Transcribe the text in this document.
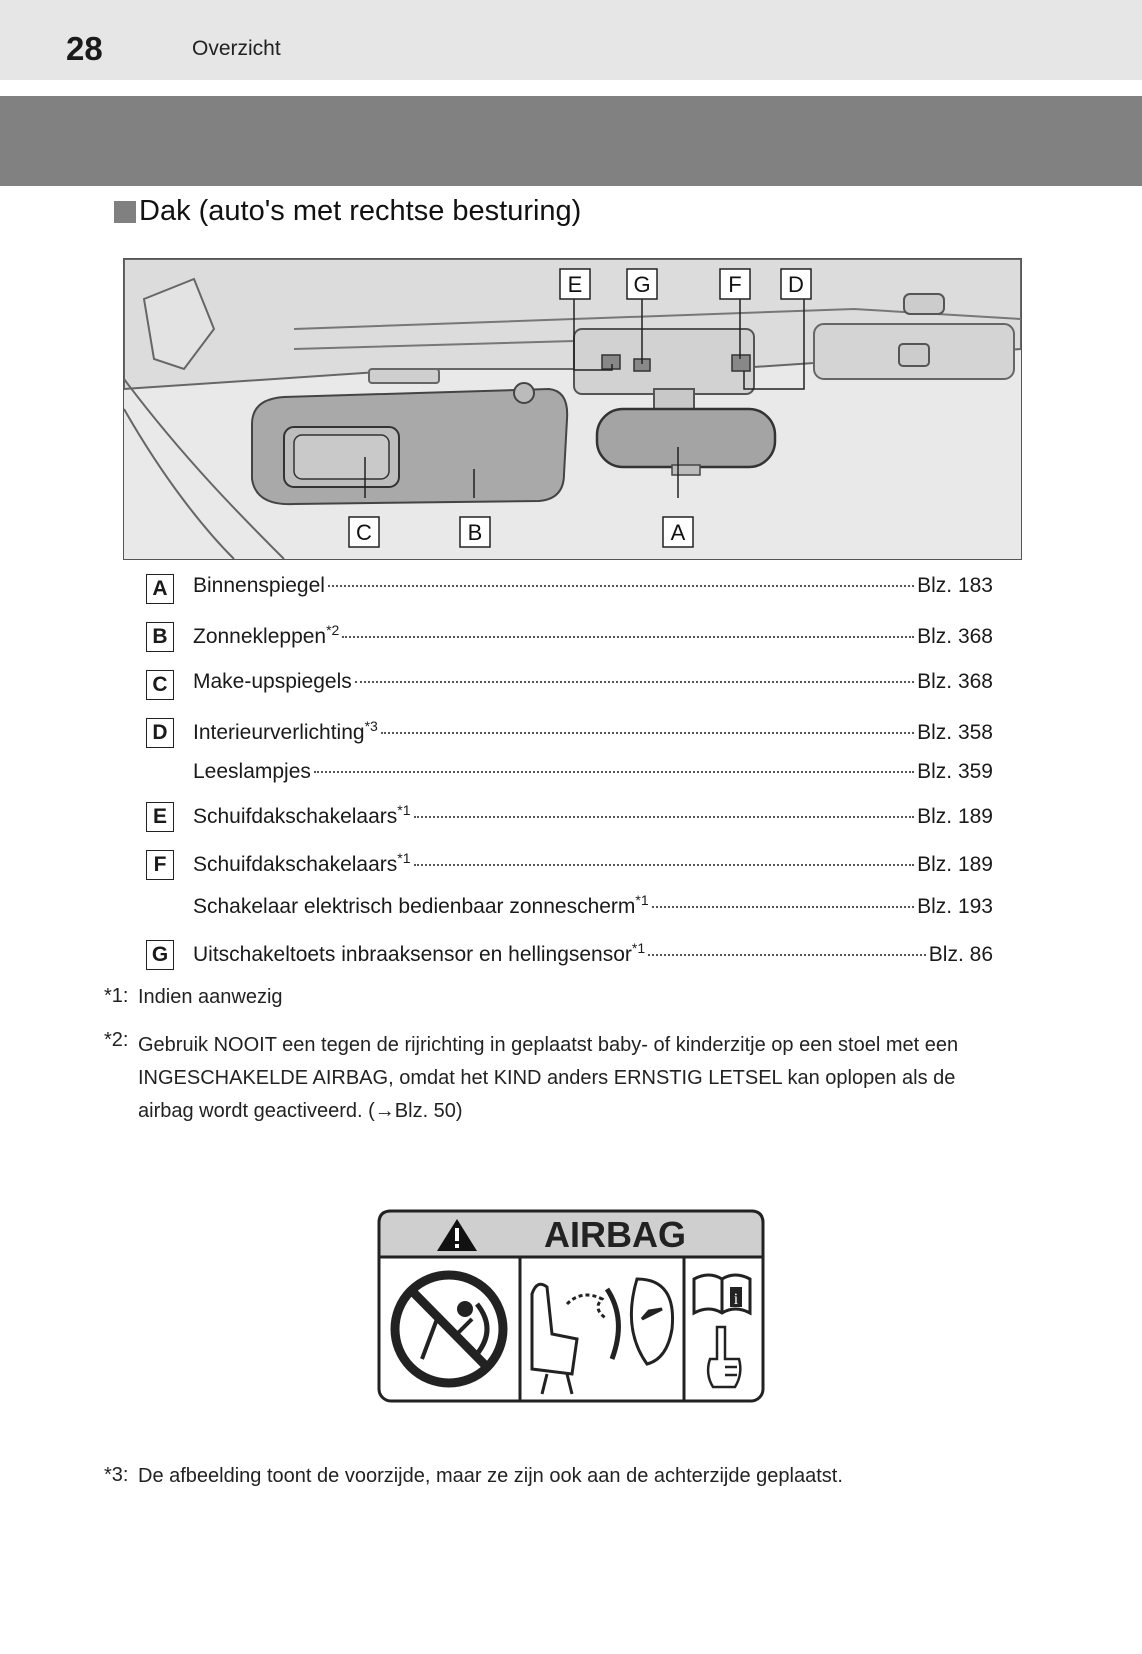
28	Overzicht
Dak (auto's met rechtse besturing)
E G	F D
C	B	A
A	Binnenspiegel	Blz. 183
B	Zonnekleppen$^{*2}$	Blz. 368
C	Make-upspiegels	Blz. 368
D	Interieurverlichting$^{*3}$	Blz. 358
Leeslampjes	Blz. 359
E	Schuifdakschakelaars$^{*1}$	Blz. 189
F	Schuifdakschakelaars$^{*1}$	Blz. 189
Schakelaar elektrisch bedienbaar zonnescherm$^{*1}$	Blz. 193
G Uitschakeltoets inbraaksensor en hellingsensor$^{*1}$	Blz. 86
*1: Indien aanwezig
*2: Gebruik NOOIT een tegen de rijrichting in geplaatst baby- of kinderzitje op een stoel met een
INGESCHAKELDE AIRBAG, omdat het KIND anders ERNSTIG LETSEL kan oplopen als de
airbag wordt geactiveerd. (→Blz. 50)
AIRBAG
i
*3: De afbeelding toont de voorzijde, maar ze zijn ook aan de achterzijde geplaatst.
